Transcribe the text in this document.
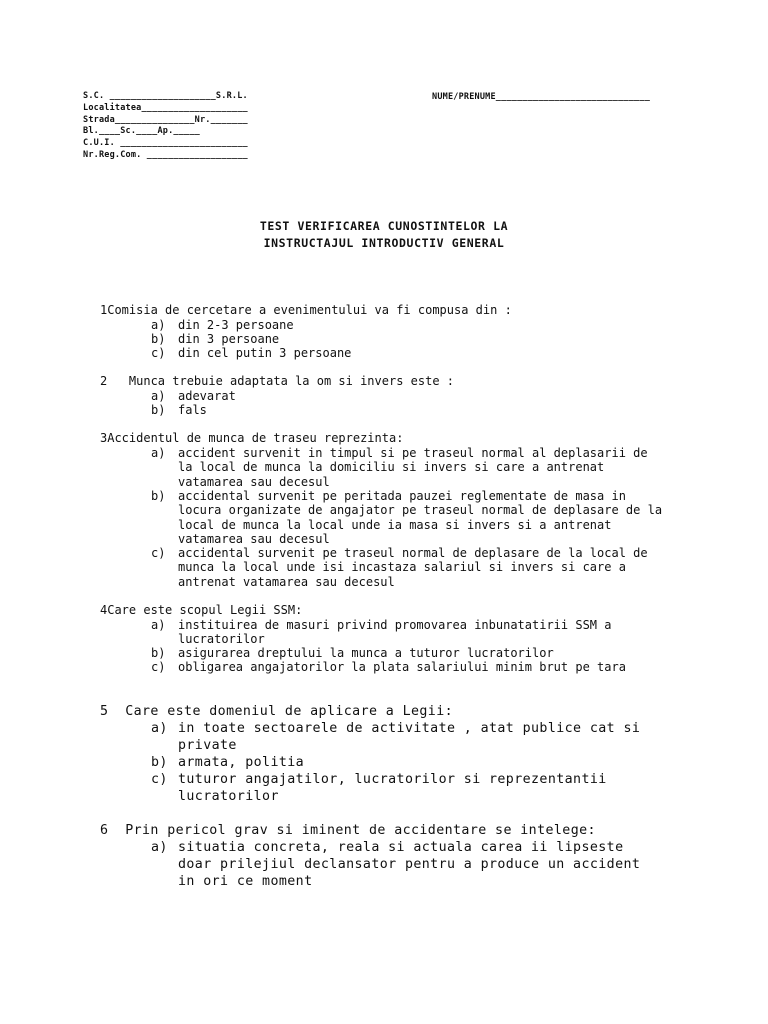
S.C. ____________________S.R.L.
Localitatea____________________
Strada_______________Nr._______
Bl.____Sc.____Ap._____
C.U.I. ________________________
Nr.Reg.Com. ___________________
NUME/PRENUME_____________________________
TEST VERIFICAREA CUNOSTINTELOR LA
INSTRUCTAJUL INTRODUCTIV GENERAL
1Comisia de cercetare a evenimentului va fi compusa din :
a) din 2-3 persoane
b) din 3 persoane
c) din cel putin 3 persoane
2   Munca trebuie adaptata la om si invers este :
a) adevarat
b) fals
3Accidentul de munca de traseu reprezinta:
a) accident survenit in timpul si pe traseul normal al deplasarii de
la local de munca la domiciliu si invers si care a antrenat
vatamarea sau decesul
b) accidental survenit pe peritada pauzei reglementate de masa in
locura organizate de angajator pe traseul normal de deplasare de la
local de munca la local unde ia masa si invers si a antrenat
vatamarea sau decesul
c) accidental survenit pe traseul normal de deplasare de la local de
munca la local unde isi incastaza salariul si invers si care a
antrenat vatamarea sau decesul
4Care este scopul Legii SSM:
a) instituirea de masuri privind promovarea inbunatatirii SSM a
lucratorilor
b) asigurarea dreptului la munca a tuturor lucratorilor
c) obligarea angajatorilor la plata salariului minim brut pe tara
5  Care este domeniul de aplicare a Legii:
a) in toate sectoarele de activitate , atat publice cat si
private
b) armata, politia
c) tuturor angajatilor, lucratorilor si reprezentantii
lucratorilor
6  Prin pericol grav si iminent de accidentare se intelege:
a) situatia concreta, reala si actuala carea ii lipseste
doar prilejiul declansator pentru a produce un accident
in ori ce moment
